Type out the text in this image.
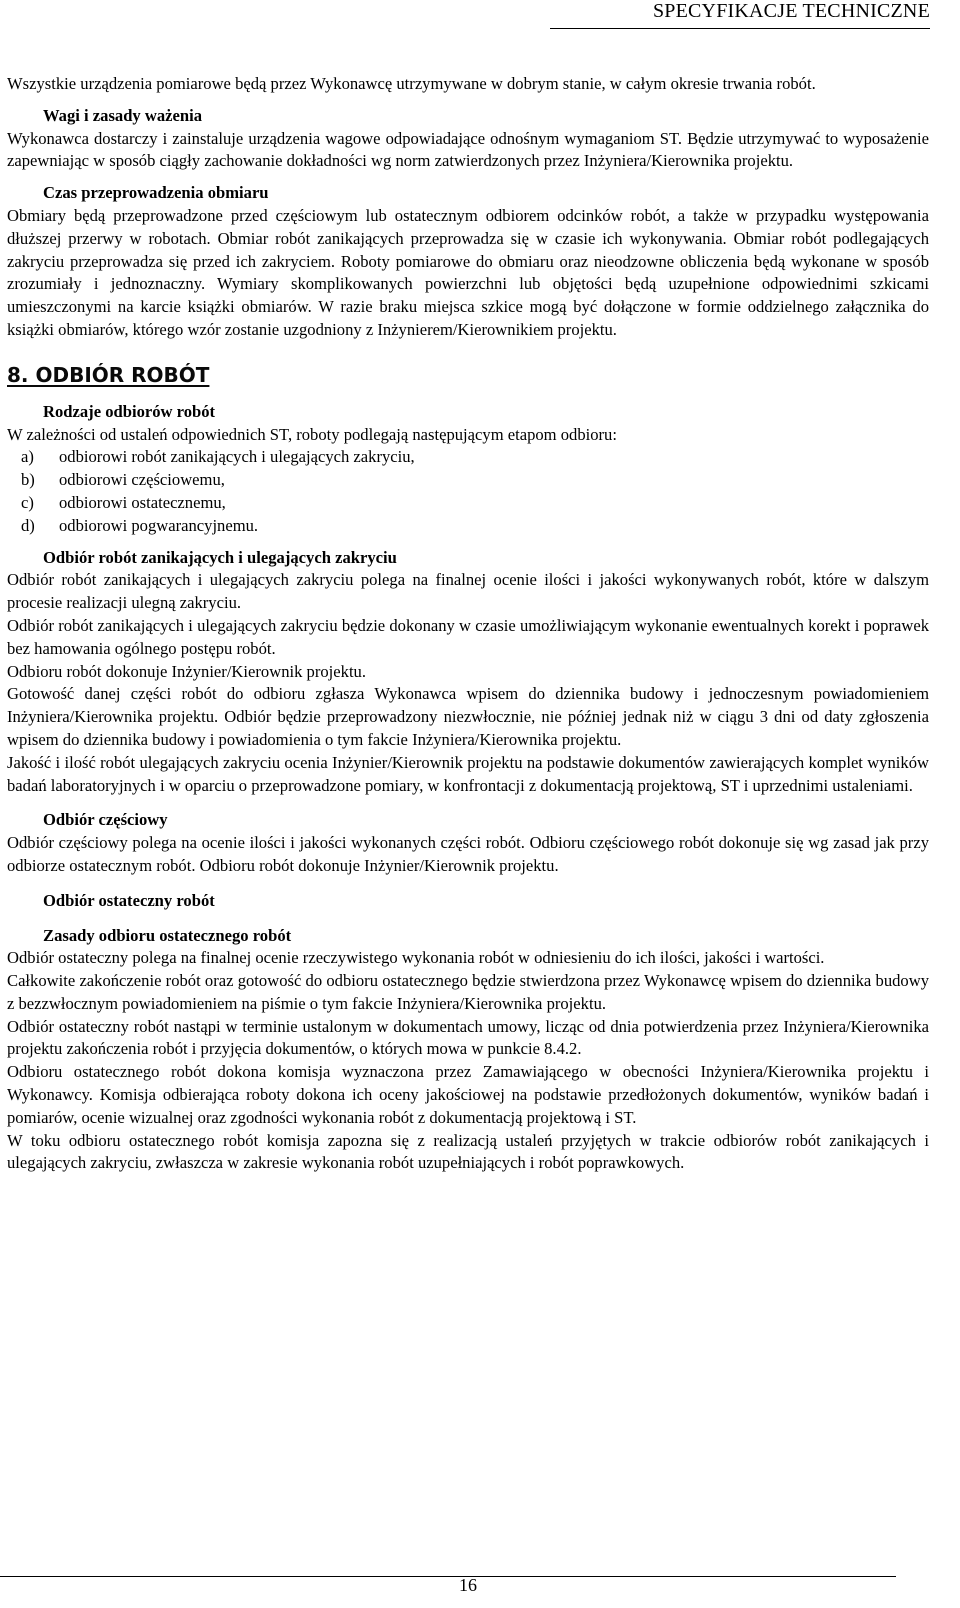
SPECYFIKACJE TECHNICZNE

Wszystkie urządzenia pomiarowe będą przez Wykonawcę utrzymywane w dobrym stanie, w całym okresie trwania robót.

Wagi i zasady ważenia

Wykonawca dostarczy i zainstaluje urządzenia wagowe odpowiadające odnośnym wymaganiom ST. Będzie utrzymywać to wyposażenie zapewniając w sposób ciągły zachowanie dokładności wg norm zatwierdzonych przez Inżyniera/Kierownika projektu.

Czas przeprowadzenia obmiaru

Obmiary będą przeprowadzone przed częściowym lub ostatecznym odbiorem odcinków robót, a także w przypadku występowania dłuższej przerwy w robotach. Obmiar robót zanikających przeprowadza się w czasie ich wykonywania. Obmiar robót podlegających zakryciu przeprowadza się przed ich zakryciem. Roboty pomiarowe do obmiaru oraz nieodzowne obliczenia będą wykonane w sposób zrozumiały i jednoznaczny. Wymiary skomplikowanych powierzchni lub objętości będą uzupełnione odpowiednimi szkicami umieszczonymi na karcie książki obmiarów. W razie braku miejsca szkice mogą być dołączone w formie oddzielnego załącznika do książki obmiarów, którego wzór zostanie uzgodniony z Inżynierem/Kierownikiem projektu.

8. ODBIÓR ROBÓT

Rodzaje odbiorów robót

W zależności od ustaleń odpowiednich ST, roboty podlegają następującym etapom odbioru:

a)	odbiorowi robót zanikających i ulegających zakryciu,

b)	odbiorowi częściowemu,

c)	odbiorowi ostatecznemu,

d)	odbiorowi pogwarancyjnemu.

Odbiór robót zanikających i ulegających zakryciu

Odbiór robót zanikających i ulegających zakryciu polega na finalnej ocenie ilości i jakości wykonywanych robót, które w dalszym procesie realizacji ulegną zakryciu.

Odbiór robót zanikających i ulegających zakryciu będzie dokonany w czasie umożliwiającym wykonanie ewentualnych korekt i poprawek bez hamowania ogólnego postępu robót.

Odbioru robót dokonuje Inżynier/Kierownik projektu.

Gotowość danej części robót do odbioru zgłasza Wykonawca wpisem do dziennika budowy i jednoczesnym powiadomieniem Inżyniera/Kierownika projektu. Odbiór będzie przeprowadzony niezwłocznie, nie później jednak niż w ciągu 3 dni od daty zgłoszenia wpisem do dziennika budowy i powiadomienia o tym fakcie Inżyniera/Kierownika projektu.

Jakość i ilość robót ulegających zakryciu ocenia Inżynier/Kierownik projektu na podstawie dokumentów zawierających komplet wyników badań laboratoryjnych i w oparciu o przeprowadzone pomiary, w konfrontacji z dokumentacją projektową, ST i uprzednimi ustaleniami.

Odbiór częściowy

Odbiór częściowy polega na ocenie ilości i jakości wykonanych części robót. Odbioru częściowego robót dokonuje się wg zasad jak przy odbiorze ostatecznym robót. Odbioru robót dokonuje Inżynier/Kierownik projektu.

Odbiór ostateczny robót

Zasady odbioru ostatecznego robót

Odbiór ostateczny polega na finalnej ocenie rzeczywistego wykonania robót w odniesieniu do ich ilości, jakości i wartości.

Całkowite zakończenie robót oraz gotowość do odbioru ostatecznego będzie stwierdzona przez Wykonawcę wpisem do dziennika budowy z bezzwłocznym powiadomieniem na piśmie o tym fakcie Inżyniera/Kierownika projektu.

Odbiór ostateczny robót nastąpi w terminie ustalonym w dokumentach umowy, licząc od dnia potwierdzenia przez Inżyniera/Kierownika projektu zakończenia robót i przyjęcia dokumentów, o których mowa w punkcie 8.4.2.

Odbioru ostatecznego robót dokona komisja wyznaczona przez Zamawiającego w obecności Inżyniera/Kierownika projektu i Wykonawcy. Komisja odbierająca roboty dokona ich oceny jakościowej na podstawie przedłożonych dokumentów, wyników badań i pomiarów, ocenie wizualnej oraz zgodności wykonania robót z dokumentacją projektową i ST.

W toku odbioru ostatecznego robót komisja zapozna się z realizacją ustaleń przyjętych w trakcie odbiorów robót zanikających i ulegających zakryciu, zwłaszcza w zakresie wykonania robót uzupełniających i robót poprawkowych.

16
